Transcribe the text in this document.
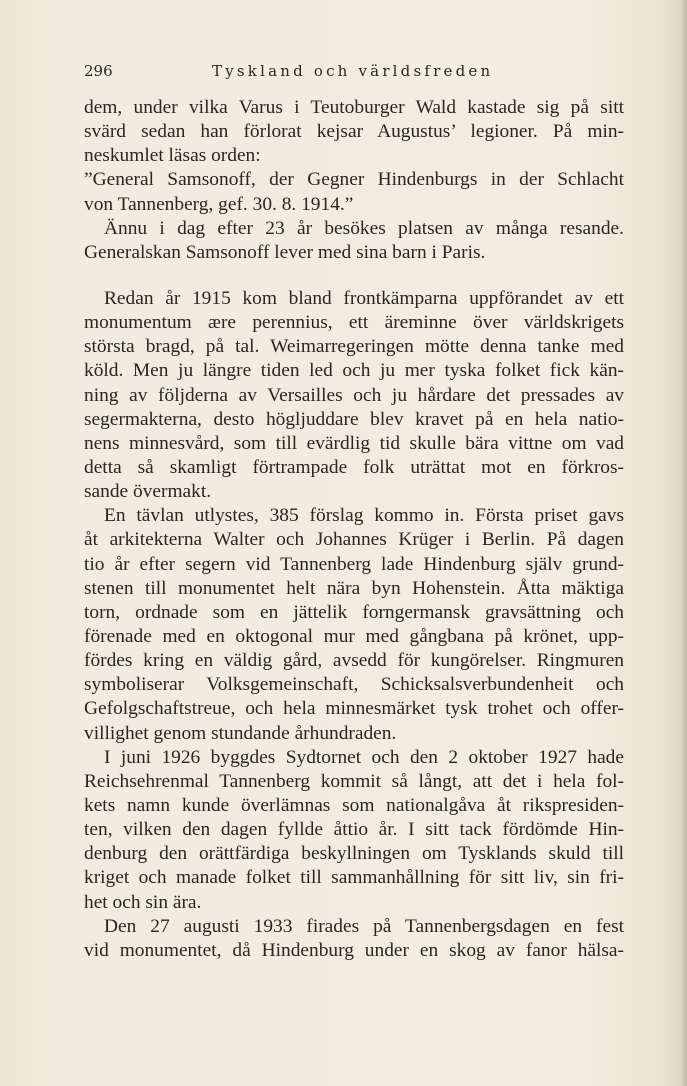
296	Tyskland och världsfreden
dem, under vilka Varus i Teutoburger Wald kastade sig på sitt
svärd sedan han förlorat kejsar Augustus’ legioner. På min-
neskumlet läsas orden:
”General Samsonoff, der Gegner Hindenburgs in der Schlacht
von Tannenberg, gef. 30. 8. 1914.”
Ännu i dag efter 23 år besökes platsen av många resande.
Generalskan Samsonoff lever med sina barn i Paris.
Redan år 1915 kom bland frontkämparna uppförandet av ett
monumentum ære perennius, ett äreminne över världskrigets
största bragd, på tal. Weimarregeringen mötte denna tanke med
köld. Men ju längre tiden led och ju mer tyska folket fick kän-
ning av följderna av Versailles och ju hårdare det pressades av
segermakterna, desto högljuddare blev kravet på en hela natio-
nens minnesvård, som till evärdlig tid skulle bära vittne om vad
detta så skamligt förtrampade folk uträttat mot en förkros-
sande övermakt.
En tävlan utlystes, 385 förslag kommo in. Första priset gavs
åt arkitekterna Walter och Johannes Krüger i Berlin. På dagen
tio år efter segern vid Tannenberg lade Hindenburg själv grund-
stenen till monumentet helt nära byn Hohenstein. Åtta mäktiga
torn, ordnade som en jättelik forngermansk gravsättning och
förenade med en oktogonal mur med gångbana på krönet, upp-
fördes kring en väldig gård, avsedd för kungörelser. Ringmuren
symboliserar Volksgemeinschaft, Schicksalsverbundenheit och
Gefolgschaftstreue, och hela minnesmärket tysk trohet och offer-
villighet genom stundande århundraden.
I juni 1926 byggdes Sydtornet och den 2 oktober 1927 hade
Reichsehrenmal Tannenberg kommit så långt, att det i hela fol-
kets namn kunde överlämnas som nationalgåva åt rikspresiden-
ten, vilken den dagen fyllde åttio år. I sitt tack fördömde Hin-
denburg den orättfärdiga beskyllningen om Tysklands skuld till
kriget och manade folket till sammanhållning för sitt liv, sin fri-
het och sin ära.
Den 27 augusti 1933 firades på Tannenbergsdagen en fest
vid monumentet, då Hindenburg under en skog av fanor hälsa-
